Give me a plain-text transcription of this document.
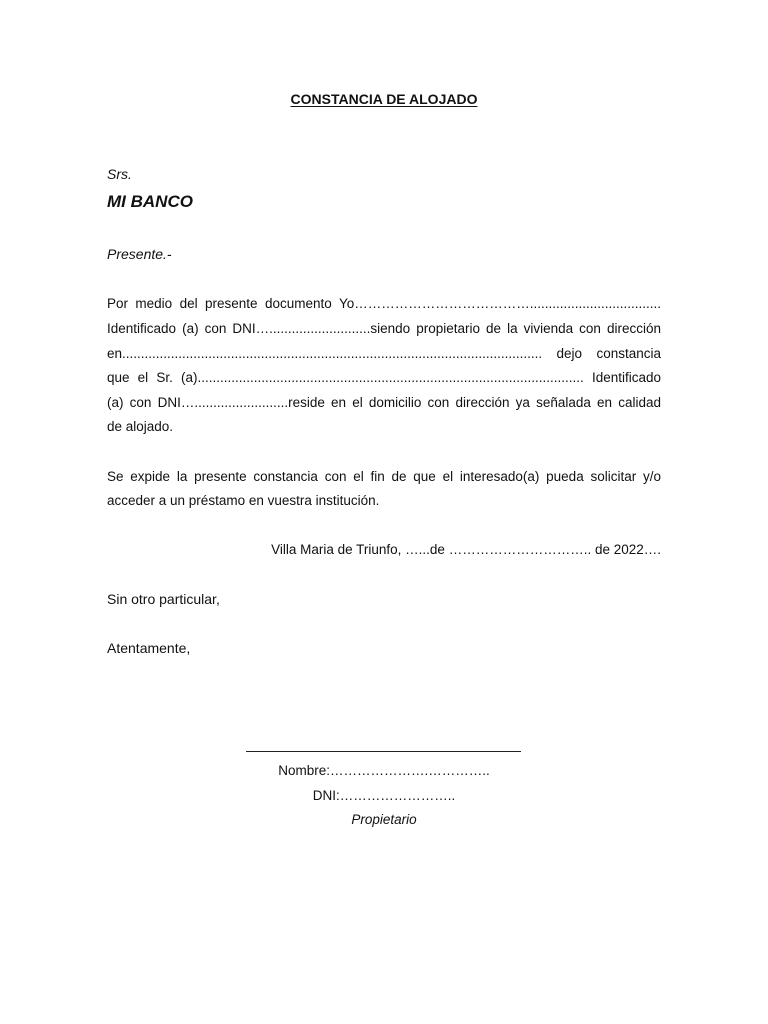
CONSTANCIA DE ALOJADO
Srs.
MI BANCO
Presente.-
Por medio del presente documento Yo…………………………………...................................
Identificado (a) con DNI…...........................siendo propietario de la vivienda con dirección
en................................................................................................................ dejo constancia
que el Sr. (a)....................................................................................................... Identificado
(a) con DNI….........................reside en el domicilio con dirección ya señalada en calidad
de alojado.
Se expide la presente constancia con el fin de que el interesado(a) pueda solicitar y/o
acceder a un préstamo en vuestra institución.
Villa Maria de Triunfo, …...de ………………………….. de 2022….
Sin otro particular,
Atentamente,
Nombre:………………….…………..
DNI:……………………..
Propietario
